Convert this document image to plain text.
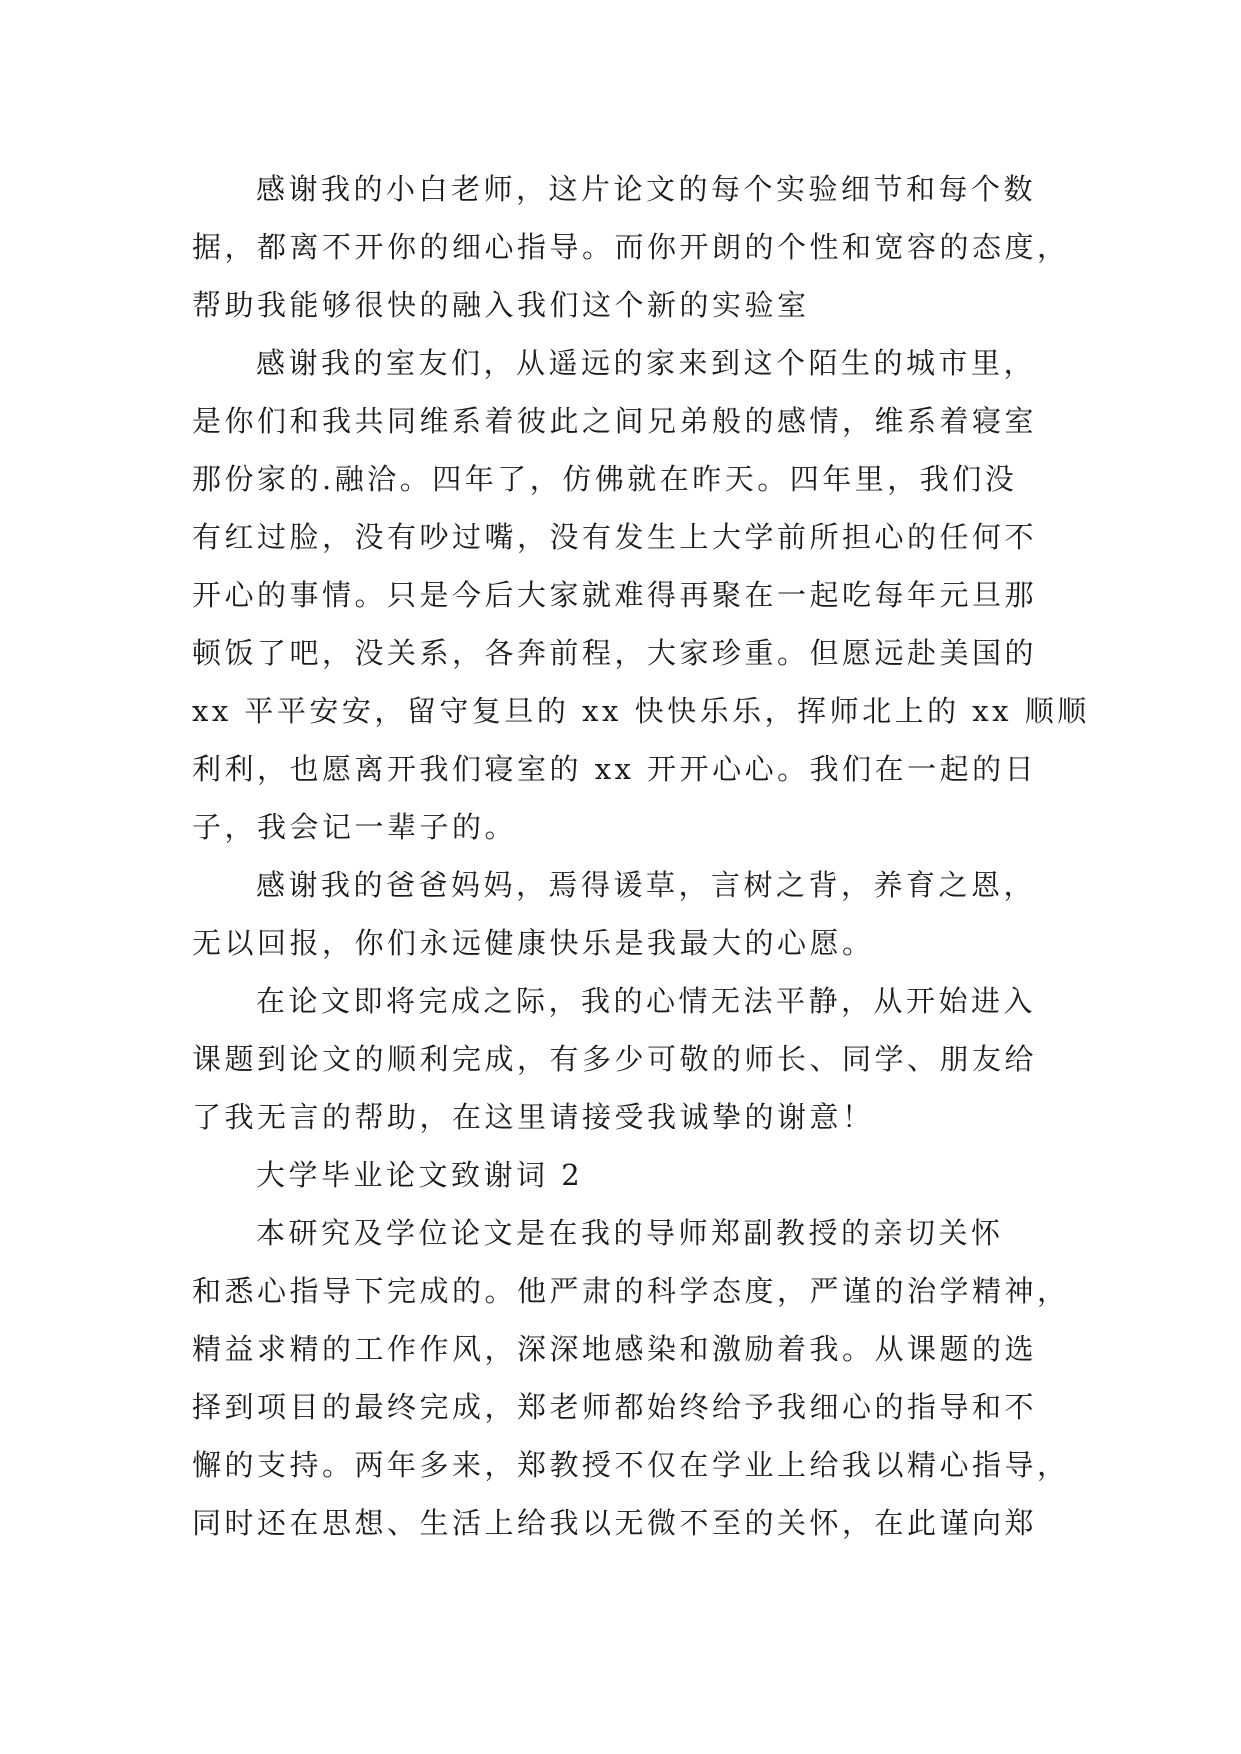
感谢我的小白老师，这片论文的每个实验细节和每个数
据，都离不开你的细心指导。而你开朗的个性和宽容的态度，
帮助我能够很快的融入我们这个新的实验室
感谢我的室友们，从遥远的家来到这个陌生的城市里，
是你们和我共同维系着彼此之间兄弟般的感情，维系着寝室
那份家的.融洽。四年了，仿佛就在昨天。四年里，我们没
有红过脸，没有吵过嘴，没有发生上大学前所担心的任何不
开心的事情。只是今后大家就难得再聚在一起吃每年元旦那
顿饭了吧，没关系，各奔前程，大家珍重。但愿远赴美国的
xx 平平安安，留守复旦的 xx 快快乐乐，挥师北上的 xx 顺顺
利利，也愿离开我们寝室的 xx 开开心心。我们在一起的日
子，我会记一辈子的。
感谢我的爸爸妈妈，焉得谖草，言树之背，养育之恩，
无以回报，你们永远健康快乐是我最大的心愿。
在论文即将完成之际，我的心情无法平静，从开始进入
课题到论文的顺利完成，有多少可敬的师长、同学、朋友给
了我无言的帮助，在这里请接受我诚挚的谢意！
大学毕业论文致谢词 2
本研究及学位论文是在我的导师郑副教授的亲切关怀
和悉心指导下完成的。他严肃的科学态度，严谨的治学精神，
精益求精的工作作风，深深地感染和激励着我。从课题的选
择到项目的最终完成，郑老师都始终给予我细心的指导和不
懈的支持。两年多来，郑教授不仅在学业上给我以精心指导，
同时还在思想、生活上给我以无微不至的关怀，在此谨向郑
